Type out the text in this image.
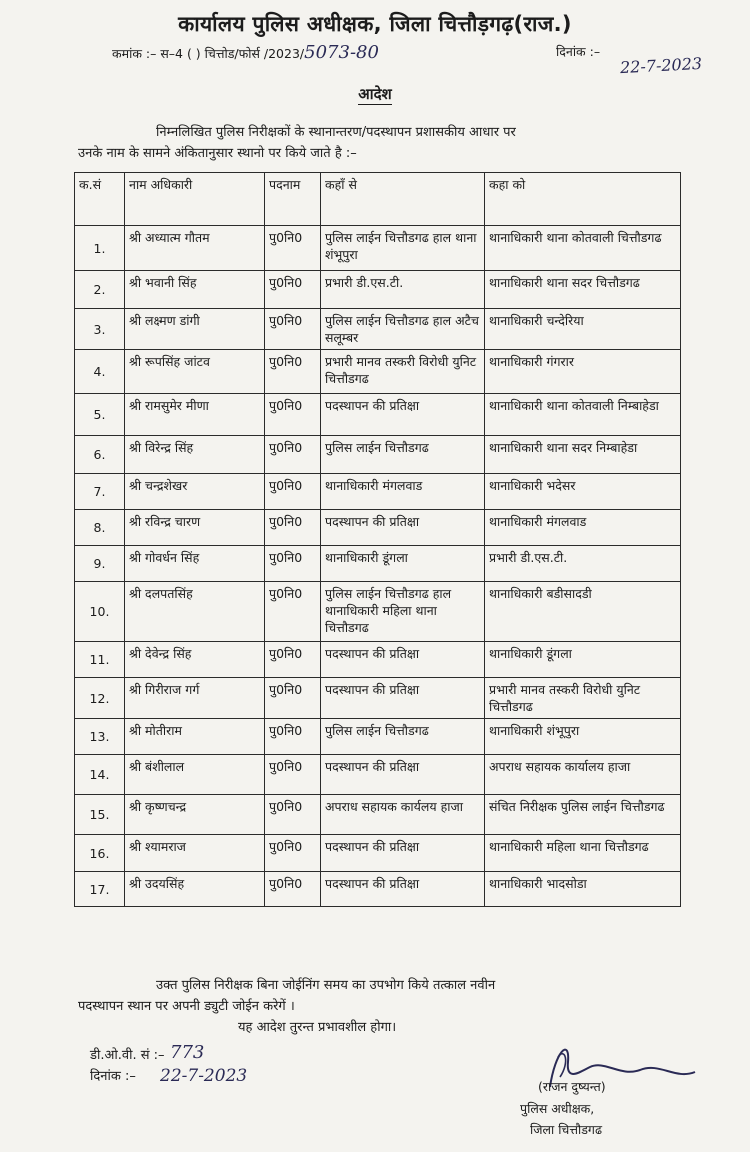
कार्यालय पुलिस अधीक्षक, जिला चित्तौड़गढ़(राज.)
कमांक :– स–4 ( ) चित्तोड/फोर्स /2023/5073-80	दिनांक :–
22-7-2023
आदेश
निम्नलिखित पुलिस निरीक्षकों के स्थानान्तरण/पदस्थापन प्रशासकीय आधार पर
उनके नाम के सामने अंकितानुसार स्थानो पर किये जाते है :–
क.सं	नाम अधिकारी	पदनाम	कहाँ से	कहा को
1.	श्री अध्यात्म गौतम	पु0नि0	पुलिस लाईन चित्तौडगढ हाल थाना शंभूपुरा	थानाधिकारी थाना कोतवाली चित्तौडगढ
2.	श्री भवानी सिंह	पु0नि0	प्रभारी डी.एस.टी.	थानाधिकारी थाना सदर चित्तौडगढ
3.	श्री लक्ष्मण डांगी	पु0नि0	पुलिस लाईन चित्तौडगढ हाल अटैच सलूम्बर	थानाधिकारी चन्देरिया
4.	श्री रूपसिंह जांटव	पु0नि0	प्रभारी मानव तस्करी विरोधी युनिट चित्तौडगढ	थानाधिकारी गंगरार
5.	श्री रामसुमेर मीणा	पु0नि0	पदस्थापन की प्रतिक्षा	थानाधिकारी थाना कोतवाली निम्बाहेडा
6.	श्री विरेन्द्र सिंह	पु0नि0	पुलिस लाईन चित्तौडगढ	थानाधिकारी थाना सदर निम्बाहेडा
7.	श्री चन्द्रशेखर	पु0नि0	थानाधिकारी मंगलवाड	थानाधिकारी भदेसर
8.	श्री रविन्द्र चारण	पु0नि0	पदस्थापन की प्रतिक्षा	थानाधिकारी मंगलवाड
9.	श्री गोवर्धन सिंह	पु0नि0	थानाधिकारी डूंगला	प्रभारी डी.एस.टी.
10.	श्री दलपतसिंह	पु0नि0	पुलिस लाईन चित्तौडगढ हाल थानाधिकारी महिला थाना चित्तौडगढ	थानाधिकारी बडीसादडी
11.	श्री देवेन्द्र सिंह	पु0नि0	पदस्थापन की प्रतिक्षा	थानाधिकारी डूंगला
12.	श्री गिरीराज गर्ग	पु0नि0	पदस्थापन की प्रतिक्षा	प्रभारी मानव तस्करी विरोधी युनिट चित्तौडगढ
13.	श्री मोतीराम	पु0नि0	पुलिस लाईन चित्तौडगढ	थानाधिकारी शंभूपुरा
14.	श्री बंशीलाल	पु0नि0	पदस्थापन की प्रतिक्षा	अपराध सहायक कार्यालय हाजा
15.	श्री कृष्णचन्द्र	पु0नि0	अपराध सहायक कार्यलय हाजा	संचित निरीक्षक पुलिस लाईन चित्तौडगढ
16.	श्री श्यामराज	पु0नि0	पदस्थापन की प्रतिक्षा	थानाधिकारी महिला थाना चित्तौडगढ
17.	श्री उदयसिंह	पु0नि0	पदस्थापन की प्रतिक्षा	थानाधिकारी भादसोडा
उक्त पुलिस निरीक्षक बिना जोईनिंग समय का उपभोग किये तत्काल नवीन
पदस्थापन स्थान पर अपनी ड्युटी जोईन करेगें ।
यह आदेश तुरन्त प्रभावशील होगा।
डी.ओ.वी. सं :– 773
दिनांक :– 22-7-2023
(राजन दुष्यन्त)
पुलिस अधीक्षक,
जिला चित्तौडगढ
